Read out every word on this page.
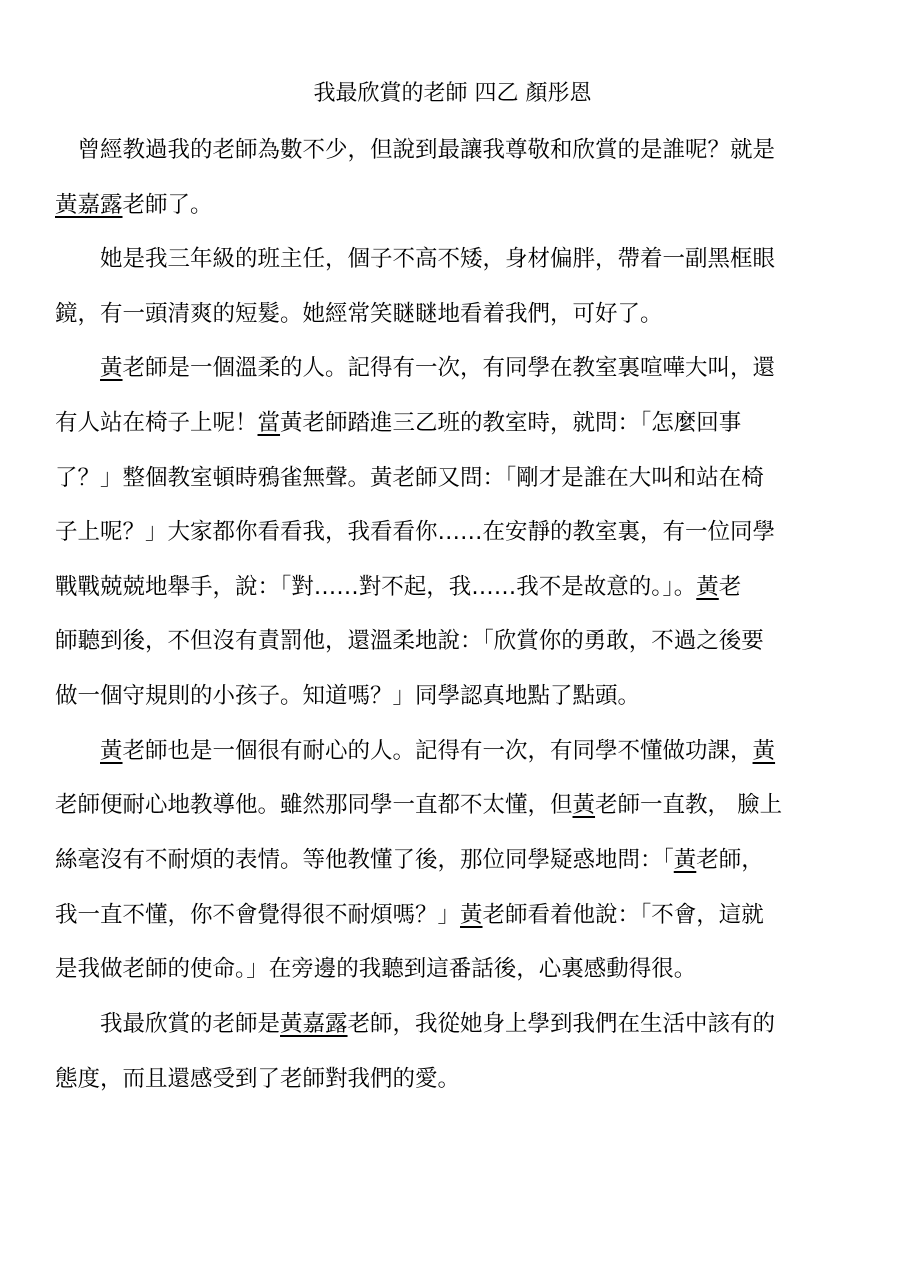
我最欣賞的老師 四乙 顏彤恩
　曾經教過我的老師為數不少，但說到最讓我尊敬和欣賞的是誰呢？就是
黃嘉露老師了。
　　她是我三年級的班主任，個子不高不矮，身材偏胖，帶着一副黑框眼
鏡，有一頭清爽的短髮。她經常笑瞇瞇地看着我們，可好了。
　　黃老師是一個溫柔的人。記得有一次，有同學在教室裏喧嘩大叫，還
有人站在椅子上呢！當黃老師踏進三乙班的教室時，就問：「怎麼回事
了？」整個教室頓時鴉雀無聲。黃老師又問：「剛才是誰在大叫和站在椅
子上呢？」大家都你看看我，我看看你……在安靜的教室裏，有一位同學
戰戰兢兢地舉手，說：「對……對不起，我……我不是故意的。」。黃老
師聽到後，不但沒有責罰他，還溫柔地說：「欣賞你的勇敢，不過之後要
做一個守規則的小孩子。知道嗎？」同學認真地點了點頭。
　　黃老師也是一個很有耐心的人。記得有一次，有同學不懂做功課，黃
老師便耐心地教導他。雖然那同學一直都不太懂，但黃老師一直教， 臉上
絲毫沒有不耐煩的表情。等他教懂了後，那位同學疑惑地問：「黃老師，
我一直不懂，你不會覺得很不耐煩嗎？」黃老師看着他說：「不會，這就
是我做老師的使命。」在旁邊的我聽到這番話後，心裏感動得很。
　　我最欣賞的老師是黃嘉露老師，我從她身上學到我們在生活中該有的
態度，而且還感受到了老師對我們的愛。
